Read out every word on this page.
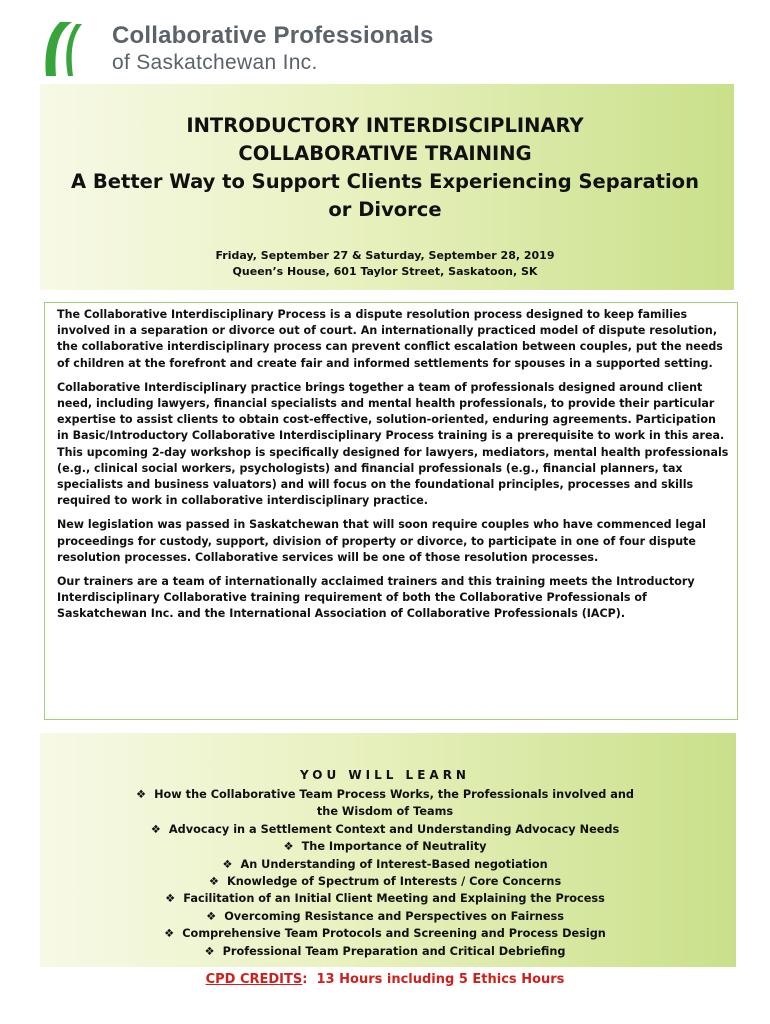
Collaborative Professionals
of Saskatchewan Inc.
INTRODUCTORY INTERDISCIPLINARY
COLLABORATIVE TRAINING
A Better Way to Support Clients Experiencing Separation
or Divorce
Friday, September 27 & Saturday, September 28, 2019
Queen’s House, 601 Taylor Street, Saskatoon, SK

The Collaborative Interdisciplinary Process is a dispute resolution process designed to keep families involved in a separation or divorce out of court. An internationally practiced model of dispute resolution, the collaborative interdisciplinary process can prevent conflict escalation between couples, put the needs of children at the forefront and create fair and informed settlements for spouses in a supported setting.

Collaborative Interdisciplinary practice brings together a team of professionals designed around client need, including lawyers, financial specialists and mental health professionals, to provide their particular expertise to assist clients to obtain cost-effective, solution-oriented, enduring agreements. Participation in Basic/Introductory Collaborative Interdisciplinary Process training is a prerequisite to work in this area. This upcoming 2-day workshop is specifically designed for lawyers, mediators, mental health professionals (e.g., clinical social workers, psychologists) and financial professionals (e.g., financial planners, tax specialists and business valuators) and will focus on the foundational principles, processes and skills required to work in collaborative interdisciplinary practice.

New legislation was passed in Saskatchewan that will soon require couples who have commenced legal proceedings for custody, support, division of property or divorce, to participate in one of four dispute resolution processes. Collaborative services will be one of those resolution processes.

Our trainers are a team of internationally acclaimed trainers and this training meets the Introductory Interdisciplinary Collaborative training requirement of both the Collaborative Professionals of Saskatchewan Inc. and the International Association of Collaborative Professionals (IACP).

YOU WILL LEARN
❖ How the Collaborative Team Process Works, the Professionals involved and
the Wisdom of Teams
❖ Advocacy in a Settlement Context and Understanding Advocacy Needs
❖ The Importance of Neutrality
❖ An Understanding of Interest-Based negotiation
❖ Knowledge of Spectrum of Interests / Core Concerns
❖ Facilitation of an Initial Client Meeting and Explaining the Process
❖ Overcoming Resistance and Perspectives on Fairness
❖ Comprehensive Team Protocols and Screening and Process Design
❖ Professional Team Preparation and Critical Debriefing
CPD CREDITS: 13 Hours including 5 Ethics Hours
